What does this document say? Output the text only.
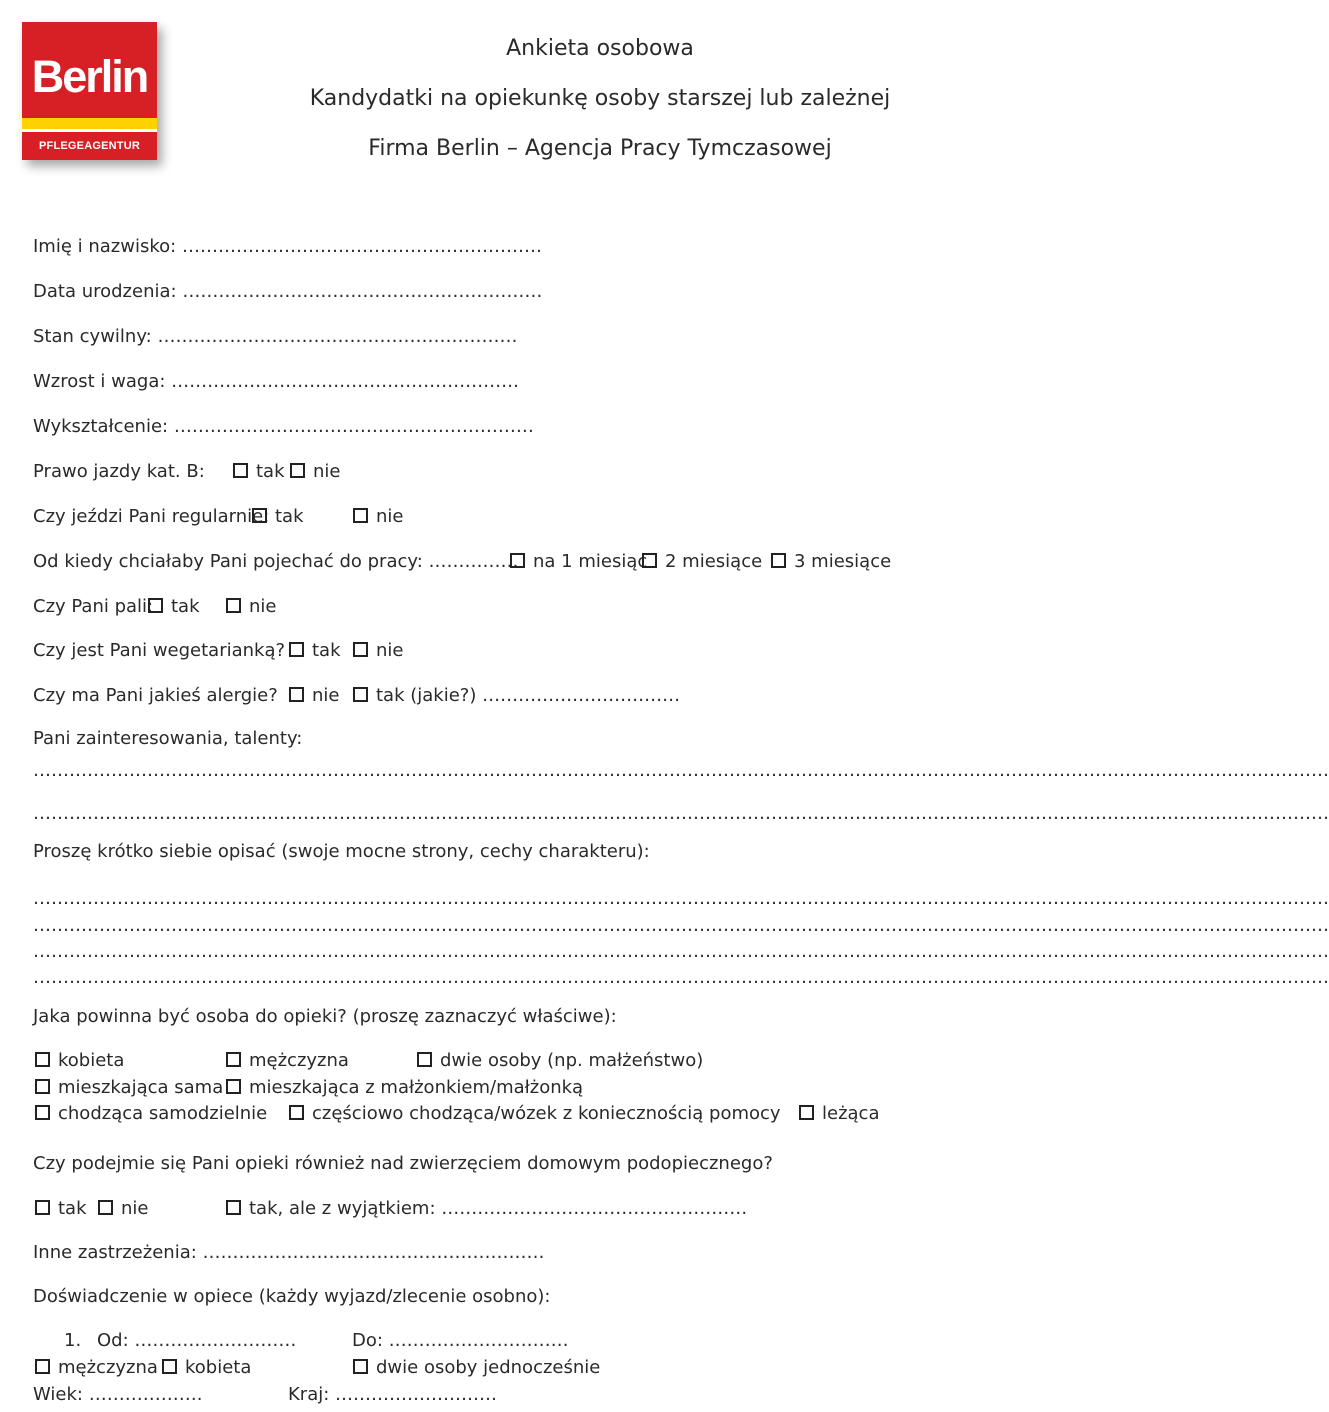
Berlin
PFLEGEAGENTUR
Ankieta osobowa
Kandydatki na opiekunkę osoby starszej lub zależnej
Firma Berlin – Agencja Pracy Tymczasowej
Imię i nazwisko: ……………………………………………………
Data urodzenia: ……………………………………………………
Stan cywilny: ……………………………………………………
Wzrost i waga: ………………………………………………….
Wykształcenie: ……………………………………………………
Prawo jazdy kat. B:	tak	nie
Czy jeździ Pani regularnie: tak	nie
Od kiedy chciałaby Pani pojechać do pracy: …………… na 1 miesiąc 2 miesiące	3 miesiące
Czy Pani pali: tak	nie
Czy jest Pani wegetarianką?	tak	nie
Czy ma Pani jakieś alergie?	nie	tak (jakie?) ……………………………
Pani zainteresowania, talenty:
………………………………………………………………………………………………………………………………………………………………………………………………
………………………………………………………………………………………………………………………………………………………………………………………………
Proszę krótko siebie opisać (swoje mocne strony, cechy charakteru):
………………………………………………………………………………………………………………………………………………………………………………………………
………………………………………………………………………………………………………………………………………………………………………………………………
………………………………………………………………………………………………………………………………………………………………………………………………
………………………………………………………………………………………………………………………………………………………………………………………………
Jaka powinna być osoba do opieki? (proszę zaznaczyć właściwe):
kobieta	mężczyzna	dwie osoby (np. małżeństwo)
mieszkająca sama	mieszkająca z małżonkiem/małżonką
chodząca samodzielnie	częściowo chodząca/wózek z koniecznością pomocy	leżąca
Czy podejmie się Pani opieki również nad zwierzęciem domowym podopiecznego?
tak	nie	tak, ale z wyjątkiem: ……………………………………………
Inne zastrzeżenia: …………………………………………………
Doświadczenie w opiece (każdy wyjazd/zlecenie osobno):
1. Od: ………………………	Do: …………………………
mężczyzna	kobieta	dwie osoby jednocześnie
Wiek: ……………….	Kraj: ………………………
